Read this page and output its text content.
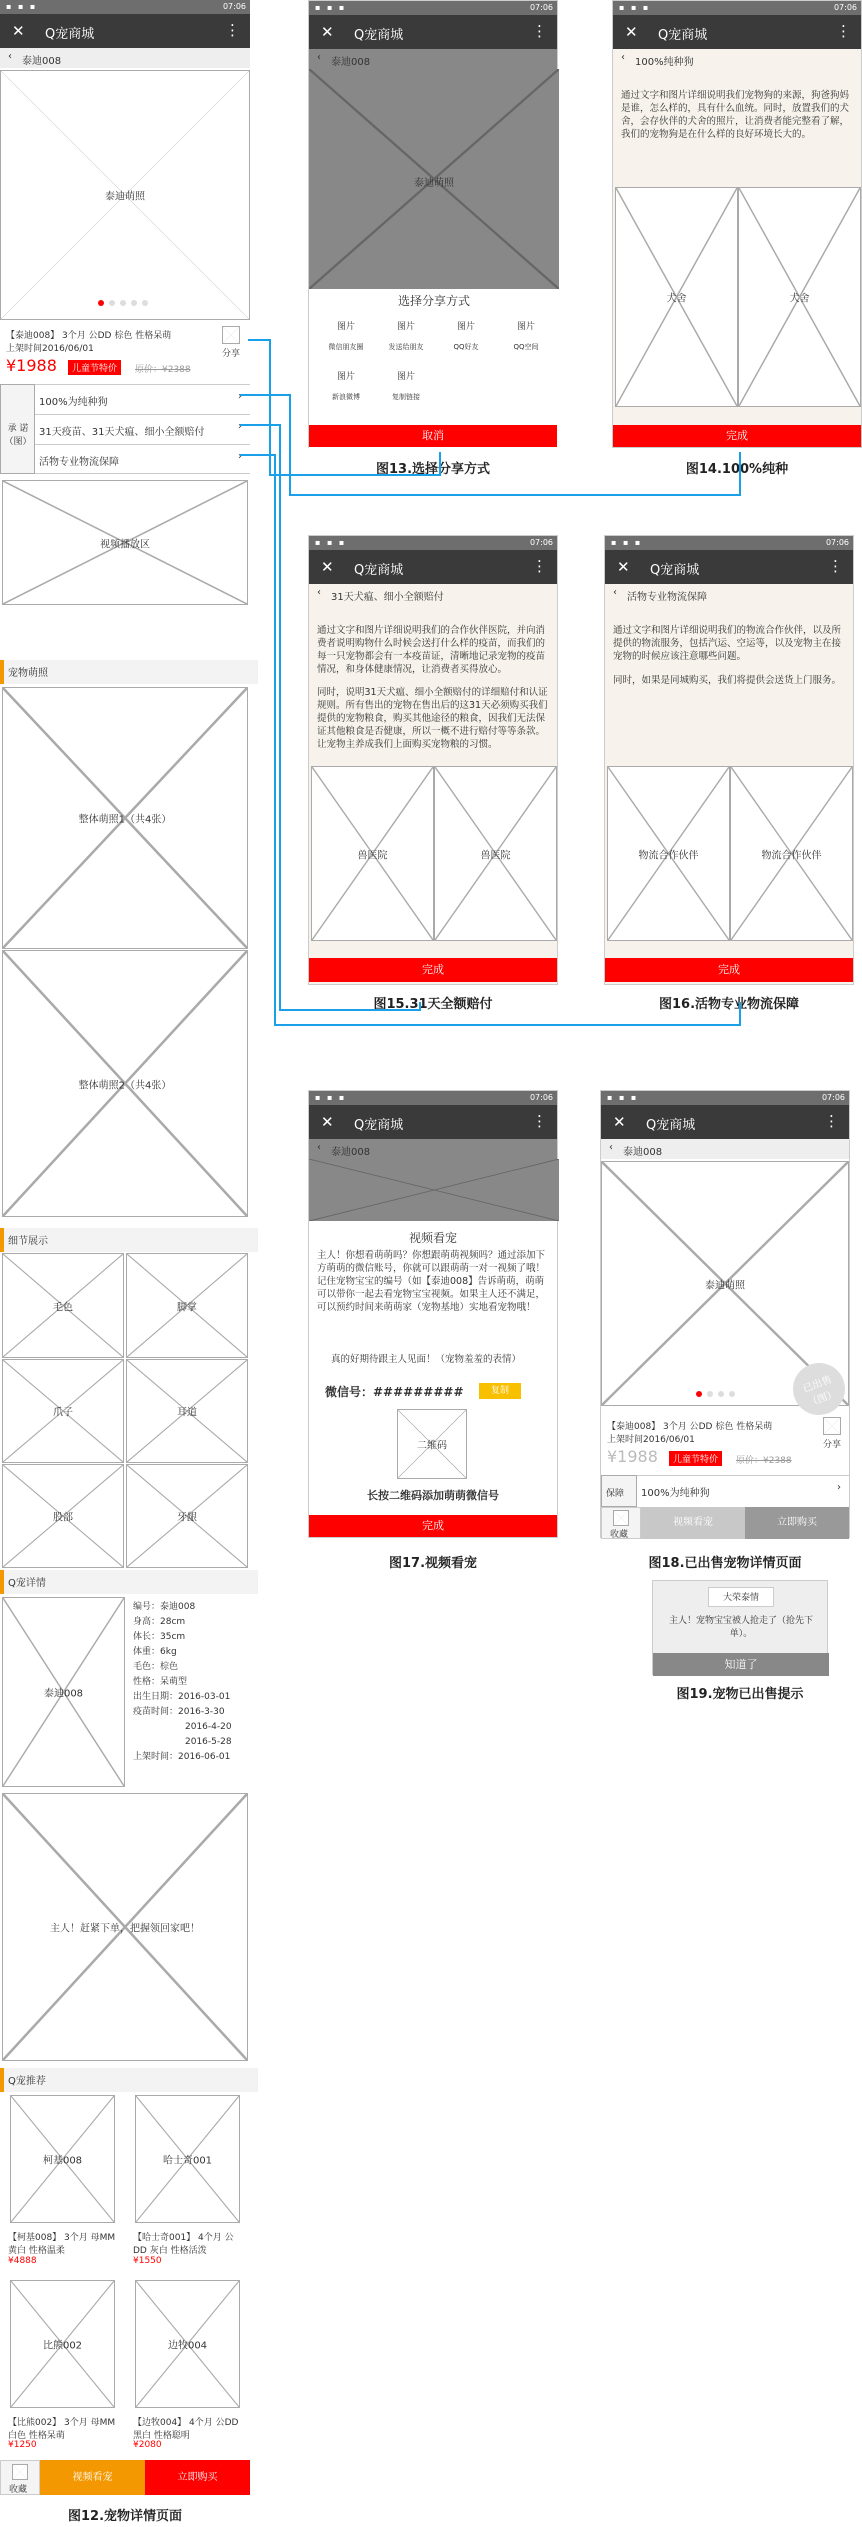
▪ ▪ ▪	07:06
✕ Q宠商城	⋮
‹ 泰迪008
泰迪萌照
【泰迪008】 3个月 公DD 棕色 性格呆萌
上架时间2016/06/01	分享
¥1988	儿童节特价	原价：¥2388
承 诺 （图）
100%为纯种狗
›
31天疫苗、31天犬瘟、细小全额赔付
›
活物专业物流保障
›
视频播放区
宠物萌照
整体萌照1（共4张）
整体萌照2（共4张）
细节展示
毛色	脚掌
爪子	耳道
股部	牙龈
Q宠详情
泰迪008
编号：泰迪008
身高：28cm
体长：35cm
体重：6kg
毛色：棕色
性格：呆萌型
出生日期：2016-03-01
疫苗时间：2016-3-30
2016-4-20
2016-5-28
上架时间：2016-06-01
主人！赶紧下单，把握领回家吧！
Q宠推荐
柯基008	哈士奇001
【柯基008】 3个月 母MM 黄白 性格温柔
【哈士奇001】 4个月 公DD 灰白 性格活泼
¥4888	¥1550
比熊002	边牧004
【比熊002】 3个月 母MM 白色 性格呆萌
【边牧004】 4个月 公DD 黑白 性格聪明
¥1250	¥2080
收藏
视频看宠	立即购买
图12.宠物详情页面
▪ ▪ ▪	07:06
✕ Q宠商城	⋮
‹ 泰迪008
泰迪萌照
选择分享方式
图片
微信朋友圈
图片
发送给朋友
图片
QQ好友
图片
QQ空间
图片
新浪微博
图片
复制链接
取消
图13.选择分享方式
▪ ▪ ▪	07:06
✕ Q宠商城	⋮
‹ 100%纯种狗
通过文字和图片详细说明我们宠物狗的来源，狗爸狗妈是谁，怎么样的，具有什么血统。同时，放置我们的犬舍，会存伙伴的犬舍的照片，让消费者能完整看了解，我们的宠物狗是在什么样的良好环境长大的。
犬舍	犬舍
完成
图14.100%纯种
▪ ▪ ▪	07:06
✕ Q宠商城	⋮
‹ 31天犬瘟、细小全额赔付
通过文字和图片详细说明我们的合作伙伴医院，并向消费者说明购物什么时候会送打什么样的疫苗，而我们的每一只宠物都会有一本疫苗证，清晰地记录宠物的疫苗情况，和身体健康情况，让消费者买得放心。
同时，说明31天犬瘟、细小全额赔付的详细赔付和认证规则。所有售出的宠物在售出后的这31天必须购买我们提供的宠物粮食，购买其他途径的粮食，因我们无法保证其他粮食是否健康，所以一概不进行赔付等等条款。让宠物主养成我们上面购买宠物粮的习惯。
兽医院	兽医院
完成
图15.31天全额赔付
▪ ▪ ▪	07:06
✕ Q宠商城	⋮
‹ 活物专业物流保障
通过文字和图片详细说明我们的物流合作伙伴，以及所提供的物流服务，包括汽运、空运等，以及宠物主在接宠物的时候应该注意哪些问题。
同时，如果是同城购买，我们将提供会送货上门服务。
物流合作伙伴	物流合作伙伴
完成
图16.活物专业物流保障
▪ ▪ ▪	07:06
✕ Q宠商城	⋮
‹ 泰迪008
视频看宠
主人！你想看萌萌吗？你想跟萌萌视频吗？通过添加下方萌萌的微信账号，你就可以跟萌萌一对一视频了哦！记住宠物宝宝的编号（如【泰迪008】告诉萌萌，萌萌可以带你一起去看宠物宝宝视频。如果主人还不满足，可以预约时间来萌萌家（宠物基地）实地看宠物哦！
真的好期待跟主人见面！（宠物羞羞的表情）
微信号：#########	复制
二维码
长按二维码添加萌萌微信号
完成
图17.视频看宠
▪ ▪ ▪	07:06
✕ Q宠商城	⋮
‹ 泰迪008
泰迪萌照
已出售（图）
【泰迪008】 3个月 公DD 棕色 性格呆萌
上架时间2016/06/01	分享
¥1988	儿童节特价	原价：¥2388
保障 100%为纯种狗
›
收藏
视频看宠	立即购买
图18.已出售宠物详情页面
大荣泰情
主人！宠物宝宝被人抢走了（抢先下单）。
知道了
图19.宠物已出售提示
